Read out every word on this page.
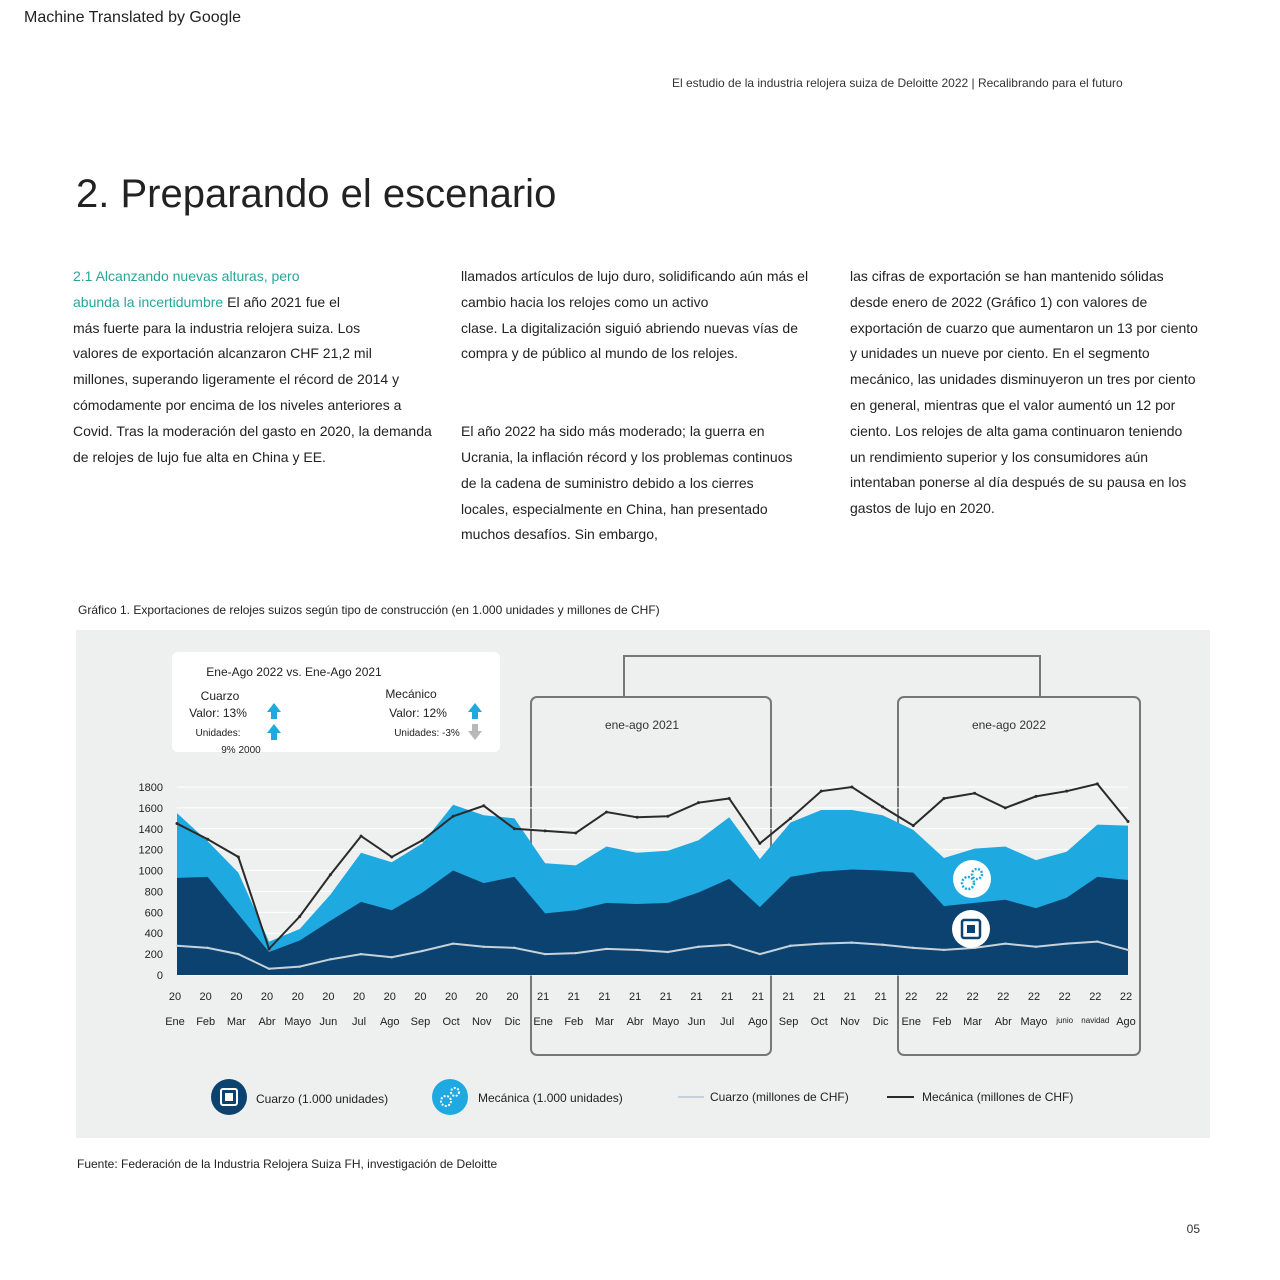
Machine Translated by Google
El estudio de la industria relojera suiza de Deloitte 2022 | Recalibrando para el futuro
2. Preparando el escenario
2.1 Alcanzando nuevas alturas, pero
abunda la incertidumbre El año 2021 fue el
más fuerte para la industria relojera suiza. Los
valores de exportación alcanzaron CHF 21,2 mil
millones, superando ligeramente el récord de 2014 y
cómodamente por encima de los niveles anteriores a
Covid. Tras la moderación del gasto en 2020, la demanda
de relojes de lujo fue alta en China y EE.
llamados artículos de lujo duro, solidificando aún más el
cambio hacia los relojes como un activo
clase. La digitalización siguió abriendo nuevas vías de
compra y de público al mundo de los relojes.
El año 2022 ha sido más moderado; la guerra en
Ucrania, la inflación récord y los problemas continuos
de la cadena de suministro debido a los cierres
locales, especialmente en China, han presentado
muchos desafíos. Sin embargo,
las cifras de exportación se han mantenido sólidas
desde enero de 2022 (Gráfico 1) con valores de
exportación de cuarzo que aumentaron un 13 por ciento
y unidades un nueve por ciento. En el segmento
mecánico, las unidades disminuyeron un tres por ciento
en general, mientras que el valor aumentó un 12 por
ciento. Los relojes de alta gama continuaron teniendo
un rendimiento superior y los consumidores aún
intentaban ponerse al día después de su pausa en los
gastos de lujo en 2020.
Gráfico 1. Exportaciones de relojes suizos según tipo de construcción (en 1.000 unidades y millones de CHF)
ene-ago 2021	ene-ago 2022
Ene-Ago 2022 vs. Ene-Ago 2021
Cuarzo
Valor: 13%
Unidades:
9% 2000
Mecánico
Valor: 12%
Unidades: -3%
0
200
400
600
800
1000
1200
1400
1600
1800
20 20 20 20 20 20 20 20 20 20 20 20 21 21 21 21 21 21 21 21 21 21 21 21 22 22 22 22 22 22 22 22
Ene Feb Mar Abr Mayo Jun Jul Ago Sep Oct Nov Dic Ene Feb Mar Abr Mayo Jun Jul Ago Sep Oct Nov Dic Ene Feb Mar Abr Mayo junio navidad Ago
Cuarzo (1.000 unidades)	Mecánica (1.000 unidades)	Cuarzo (millones de CHF)	Mecánica (millones de CHF)
Fuente: Federación de la Industria Relojera Suiza FH, investigación de Deloitte
05
